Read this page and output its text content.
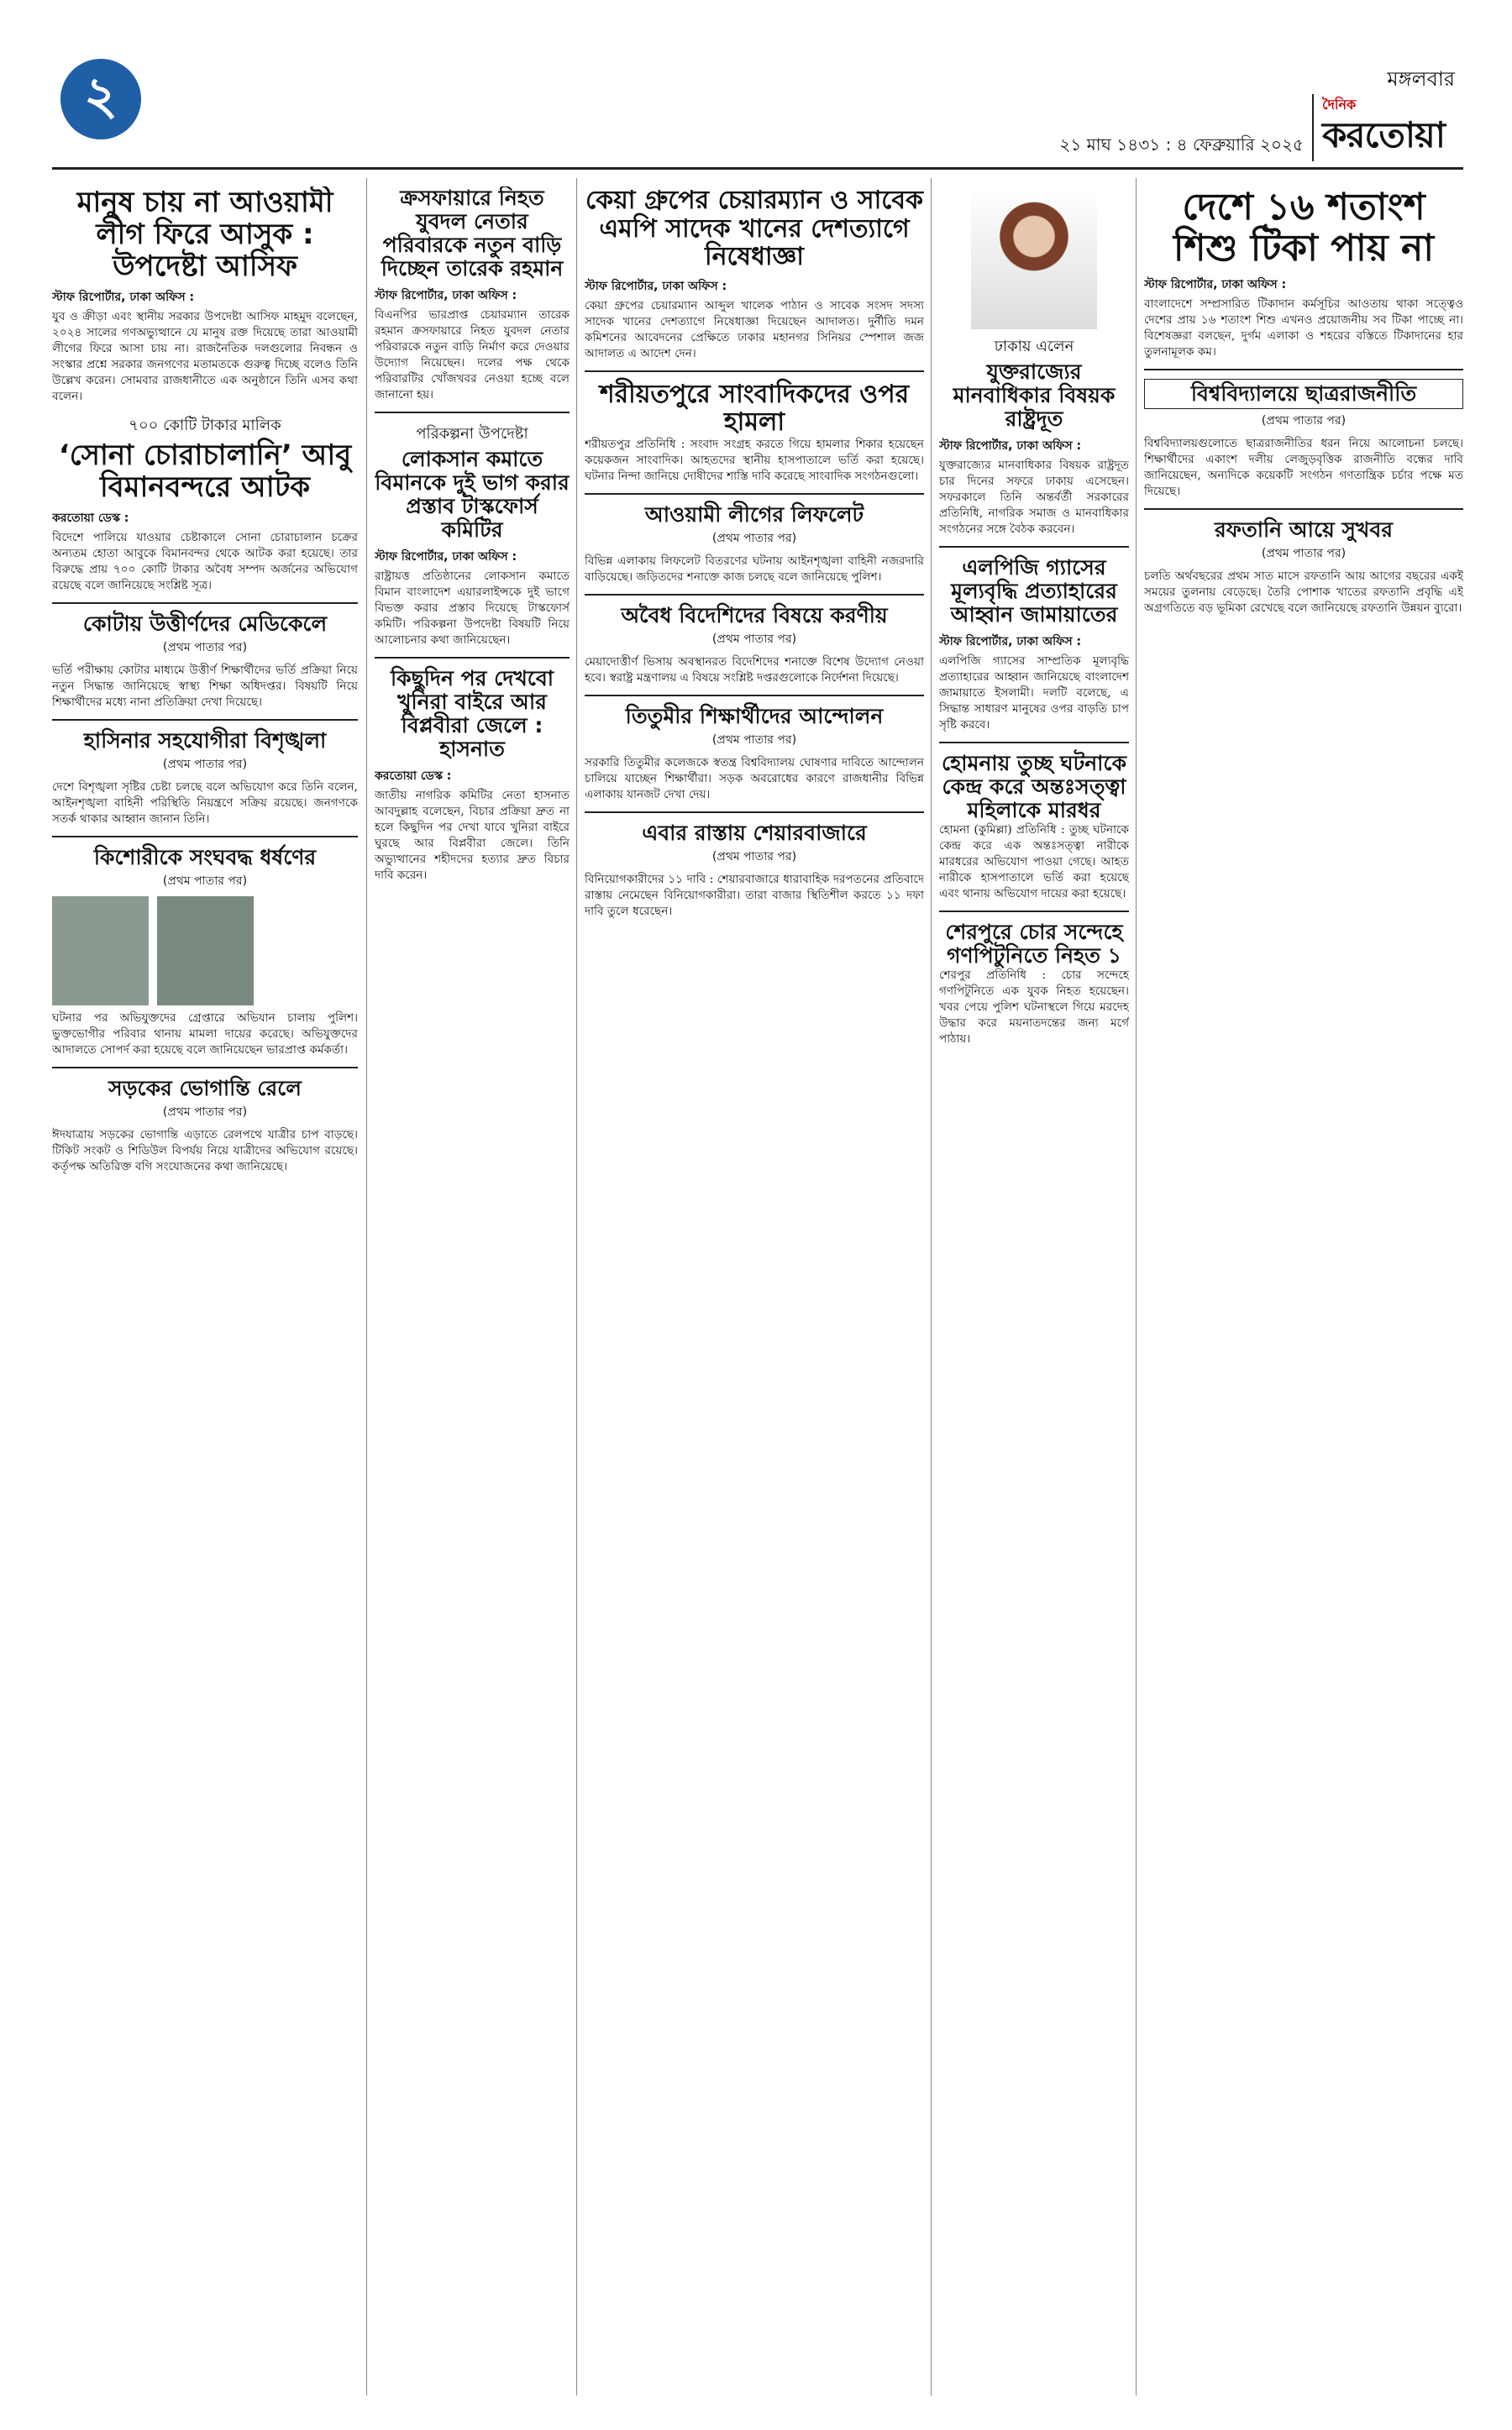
২	মঙ্গলবার
২১ মাঘ ১৪৩১ : ৪ ফেব্রুয়ারি ২০২৫
দৈনিক
করতোয়া
মানুষ চায় না আওয়ামী লীগ ফিরে আসুক : উপদেষ্টা আসিফ
স্টাফ রিপোর্টার, ঢাকা অফিস :
যুব ও ক্রীড়া এবং স্থানীয় সরকার উপদেষ্টা আসিফ মাহমুদ বলেছেন, ২০২৪ সালের গণঅভ্যুত্থানে যে মানুষ রক্ত দিয়েছে তারা আওয়ামী লীগের ফিরে আসা চায় না। রাজনৈতিক দলগুলোর নিবন্ধন ও সংস্কার প্রশ্নে সরকার জনগণের মতামতকে গুরুত্ব দিচ্ছে বলেও তিনি উল্লেখ করেন। সোমবার রাজধানীতে এক অনুষ্ঠানে তিনি এসব কথা বলেন।
৭০০ কোটি টাকার মালিক
‘সোনা চোরাচালানি’ আবু বিমানবন্দরে আটক
করতোয়া ডেস্ক :
বিদেশে পালিয়ে যাওয়ার চেষ্টাকালে সোনা চোরাচালান চক্রের অন্যতম হোতা আবুকে বিমানবন্দর থেকে আটক করা হয়েছে। তার বিরুদ্ধে প্রায় ৭০০ কোটি টাকার অবৈধ সম্পদ অর্জনের অভিযোগ রয়েছে বলে জানিয়েছে সংশ্লিষ্ট সূত্র।
কোটায় উত্তীর্ণদের মেডিকেলে
(প্রথম পাতার পর)
ভর্তি পরীক্ষায় কোটার মাধ্যমে উত্তীর্ণ শিক্ষার্থীদের ভর্তি প্রক্রিয়া নিয়ে নতুন সিদ্ধান্ত জানিয়েছে স্বাস্থ্য শিক্ষা অধিদপ্তর। বিষয়টি নিয়ে শিক্ষার্থীদের মধ্যে নানা প্রতিক্রিয়া দেখা দিয়েছে।
হাসিনার সহযোগীরা বিশৃঙ্খলা
(প্রথম পাতার পর)
দেশে বিশৃঙ্খলা সৃষ্টির চেষ্টা চলছে বলে অভিযোগ করে তিনি বলেন, আইনশৃঙ্খলা বাহিনী পরিস্থিতি নিয়ন্ত্রণে সক্রিয় রয়েছে। জনগণকে সতর্ক থাকার আহ্বান জানান তিনি।
কিশোরীকে সংঘবদ্ধ ধর্ষণের
(প্রথম পাতার পর)
ঘটনার পর অভিযুক্তদের গ্রেপ্তারে অভিযান চালায় পুলিশ। ভুক্তভোগীর পরিবার থানায় মামলা দায়ের করেছে। অভিযুক্তদের আদালতে সোপর্দ করা হয়েছে বলে জানিয়েছেন ভারপ্রাপ্ত কর্মকর্তা।
সড়কের ভোগান্তি রেলে
(প্রথম পাতার পর)
ঈদযাত্রায় সড়কের ভোগান্তি এড়াতে রেলপথে যাত্রীর চাপ বাড়ছে। টিকিট সংকট ও শিডিউল বিপর্যয় নিয়ে যাত্রীদের অভিযোগ রয়েছে। কর্তৃপক্ষ অতিরিক্ত বগি সংযোজনের কথা জানিয়েছে।
ক্রসফায়ারে নিহত যুবদল নেতার পরিবারকে নতুন বাড়ি দিচ্ছেন তারেক রহমান
স্টাফ রিপোর্টার, ঢাকা অফিস :
বিএনপির ভারপ্রাপ্ত চেয়ারম্যান তারেক রহমান ক্রসফায়ারে নিহত যুবদল নেতার পরিবারকে নতুন বাড়ি নির্মাণ করে দেওয়ার উদ্যোগ নিয়েছেন। দলের পক্ষ থেকে পরিবারটির খোঁজখবর নেওয়া হচ্ছে বলে জানানো হয়।
পরিকল্পনা উপদেষ্টা
লোকসান কমাতে বিমানকে দুই ভাগ করার প্রস্তাব টাস্কফোর্স কমিটির
স্টাফ রিপোর্টার, ঢাকা অফিস :
রাষ্ট্রায়ত্ত প্রতিষ্ঠানের লোকসান কমাতে বিমান বাংলাদেশ এয়ারলাইন্সকে দুই ভাগে বিভক্ত করার প্রস্তাব দিয়েছে টাস্কফোর্স কমিটি। পরিকল্পনা উপদেষ্টা বিষয়টি নিয়ে আলোচনার কথা জানিয়েছেন।
কিছুদিন পর দেখবো খুনিরা বাইরে আর বিপ্লবীরা জেলে : হাসনাত
করতোয়া ডেস্ক :
জাতীয় নাগরিক কমিটির নেতা হাসনাত আবদুল্লাহ বলেছেন, বিচার প্রক্রিয়া দ্রুত না হলে কিছুদিন পর দেখা যাবে খুনিরা বাইরে ঘুরছে আর বিপ্লবীরা জেলে। তিনি অভ্যুত্থানের শহীদদের হত্যার দ্রুত বিচার দাবি করেন।
কেয়া গ্রুপের চেয়ারম্যান ও সাবেক এমপি সাদেক খানের দেশত্যাগে নিষেধাজ্ঞা
স্টাফ রিপোর্টার, ঢাকা অফিস :
কেয়া গ্রুপের চেয়ারম্যান আব্দুল খালেক পাঠান ও সাবেক সংসদ সদস্য সাদেক খানের দেশত্যাগে নিষেধাজ্ঞা দিয়েছেন আদালত। দুর্নীতি দমন কমিশনের আবেদনের প্রেক্ষিতে ঢাকার মহানগর সিনিয়র স্পেশাল জজ আদালত এ আদেশ দেন।
শরীয়তপুরে সাংবাদিকদের ওপর হামলা
শরীয়তপুর প্রতিনিধি : সংবাদ সংগ্রহ করতে গিয়ে হামলার শিকার হয়েছেন কয়েকজন সাংবাদিক। আহতদের স্থানীয় হাসপাতালে ভর্তি করা হয়েছে। ঘটনার নিন্দা জানিয়ে দোষীদের শাস্তি দাবি করেছে সাংবাদিক সংগঠনগুলো।
আওয়ামী লীগের লিফলেট
(প্রথম পাতার পর)
বিভিন্ন এলাকায় লিফলেট বিতরণের ঘটনায় আইনশৃঙ্খলা বাহিনী নজরদারি বাড়িয়েছে। জড়িতদের শনাক্তে কাজ চলছে বলে জানিয়েছে পুলিশ।
অবৈধ বিদেশিদের বিষয়ে করণীয়
(প্রথম পাতার পর)
মেয়াদোত্তীর্ণ ভিসায় অবস্থানরত বিদেশিদের শনাক্তে বিশেষ উদ্যোগ নেওয়া হবে। স্বরাষ্ট্র মন্ত্রণালয় এ বিষয়ে সংশ্লিষ্ট দপ্তরগুলোকে নির্দেশনা দিয়েছে।
তিতুমীর শিক্ষার্থীদের আন্দোলন
(প্রথম পাতার পর)
সরকারি তিতুমীর কলেজকে স্বতন্ত্র বিশ্ববিদ্যালয় ঘোষণার দাবিতে আন্দোলন চালিয়ে যাচ্ছেন শিক্ষার্থীরা। সড়ক অবরোধের কারণে রাজধানীর বিভিন্ন এলাকায় যানজট দেখা দেয়।
এবার রাস্তায় শেয়ারবাজারে
(প্রথম পাতার পর)
বিনিয়োগকারীদের ১১ দাবি : শেয়ারবাজারে ধারাবাহিক দরপতনের প্রতিবাদে রাস্তায় নেমেছেন বিনিয়োগকারীরা। তারা বাজার স্থিতিশীল করতে ১১ দফা দাবি তুলে ধরেছেন।
ঢাকায় এলেন
যুক্তরাজ্যের মানবাধিকার বিষয়ক রাষ্ট্রদূত
স্টাফ রিপোর্টার, ঢাকা অফিস :
যুক্তরাজ্যের মানবাধিকার বিষয়ক রাষ্ট্রদূত চার দিনের সফরে ঢাকায় এসেছেন। সফরকালে তিনি অন্তর্বর্তী সরকারের প্রতিনিধি, নাগরিক সমাজ ও মানবাধিকার সংগঠনের সঙ্গে বৈঠক করবেন।
এলপিজি গ্যাসের মূল্যবৃদ্ধি প্রত্যাহারের আহ্বান জামায়াতের
স্টাফ রিপোর্টার, ঢাকা অফিস :
এলপিজি গ্যাসের সাম্প্রতিক মূল্যবৃদ্ধি প্রত্যাহারের আহ্বান জানিয়েছে বাংলাদেশ জামায়াতে ইসলামী। দলটি বলেছে, এ সিদ্ধান্ত সাধারণ মানুষের ওপর বাড়তি চাপ সৃষ্টি করবে।
হোমনায় তুচ্ছ ঘটনাকে কেন্দ্র করে অন্তঃসত্ত্বা মহিলাকে মারধর
হোমনা (কুমিল্লা) প্রতিনিধি : তুচ্ছ ঘটনাকে কেন্দ্র করে এক অন্তঃসত্ত্বা নারীকে মারধরের অভিযোগ পাওয়া গেছে। আহত নারীকে হাসপাতালে ভর্তি করা হয়েছে এবং থানায় অভিযোগ দায়ের করা হয়েছে।
শেরপুরে চোর সন্দেহে গণপিটুনিতে নিহত ১
শেরপুর প্রতিনিধি : চোর সন্দেহে গণপিটুনিতে এক যুবক নিহত হয়েছেন। খবর পেয়ে পুলিশ ঘটনাস্থলে গিয়ে মরদেহ উদ্ধার করে ময়নাতদন্তের জন্য মর্গে পাঠায়।
দেশে ১৬ শতাংশ শিশু টিকা পায় না
স্টাফ রিপোর্টার, ঢাকা অফিস :
বাংলাদেশে সম্প্রসারিত টিকাদান কর্মসূচির আওতায় থাকা সত্ত্বেও দেশের প্রায় ১৬ শতাংশ শিশু এখনও প্রয়োজনীয় সব টিকা পাচ্ছে না। বিশেষজ্ঞরা বলছেন, দুর্গম এলাকা ও শহরের বস্তিতে টিকাদানের হার তুলনামূলক কম।
বিশ্ববিদ্যালয়ে ছাত্ররাজনীতি
(প্রথম পাতার পর)
বিশ্ববিদ্যালয়গুলোতে ছাত্ররাজনীতির ধরন নিয়ে আলোচনা চলছে। শিক্ষার্থীদের একাংশ দলীয় লেজুড়বৃত্তিক রাজনীতি বন্ধের দাবি জানিয়েছেন, অন্যদিকে কয়েকটি সংগঠন গণতান্ত্রিক চর্চার পক্ষে মত দিয়েছে।
রফতানি আয়ে সুখবর
(প্রথম পাতার পর)
চলতি অর্থবছরের প্রথম সাত মাসে রফতানি আয় আগের বছরের একই সময়ের তুলনায় বেড়েছে। তৈরি পোশাক খাতের রফতানি প্রবৃদ্ধি এই অগ্রগতিতে বড় ভূমিকা রেখেছে বলে জানিয়েছে রফতানি উন্নয়ন ব্যুরো।
